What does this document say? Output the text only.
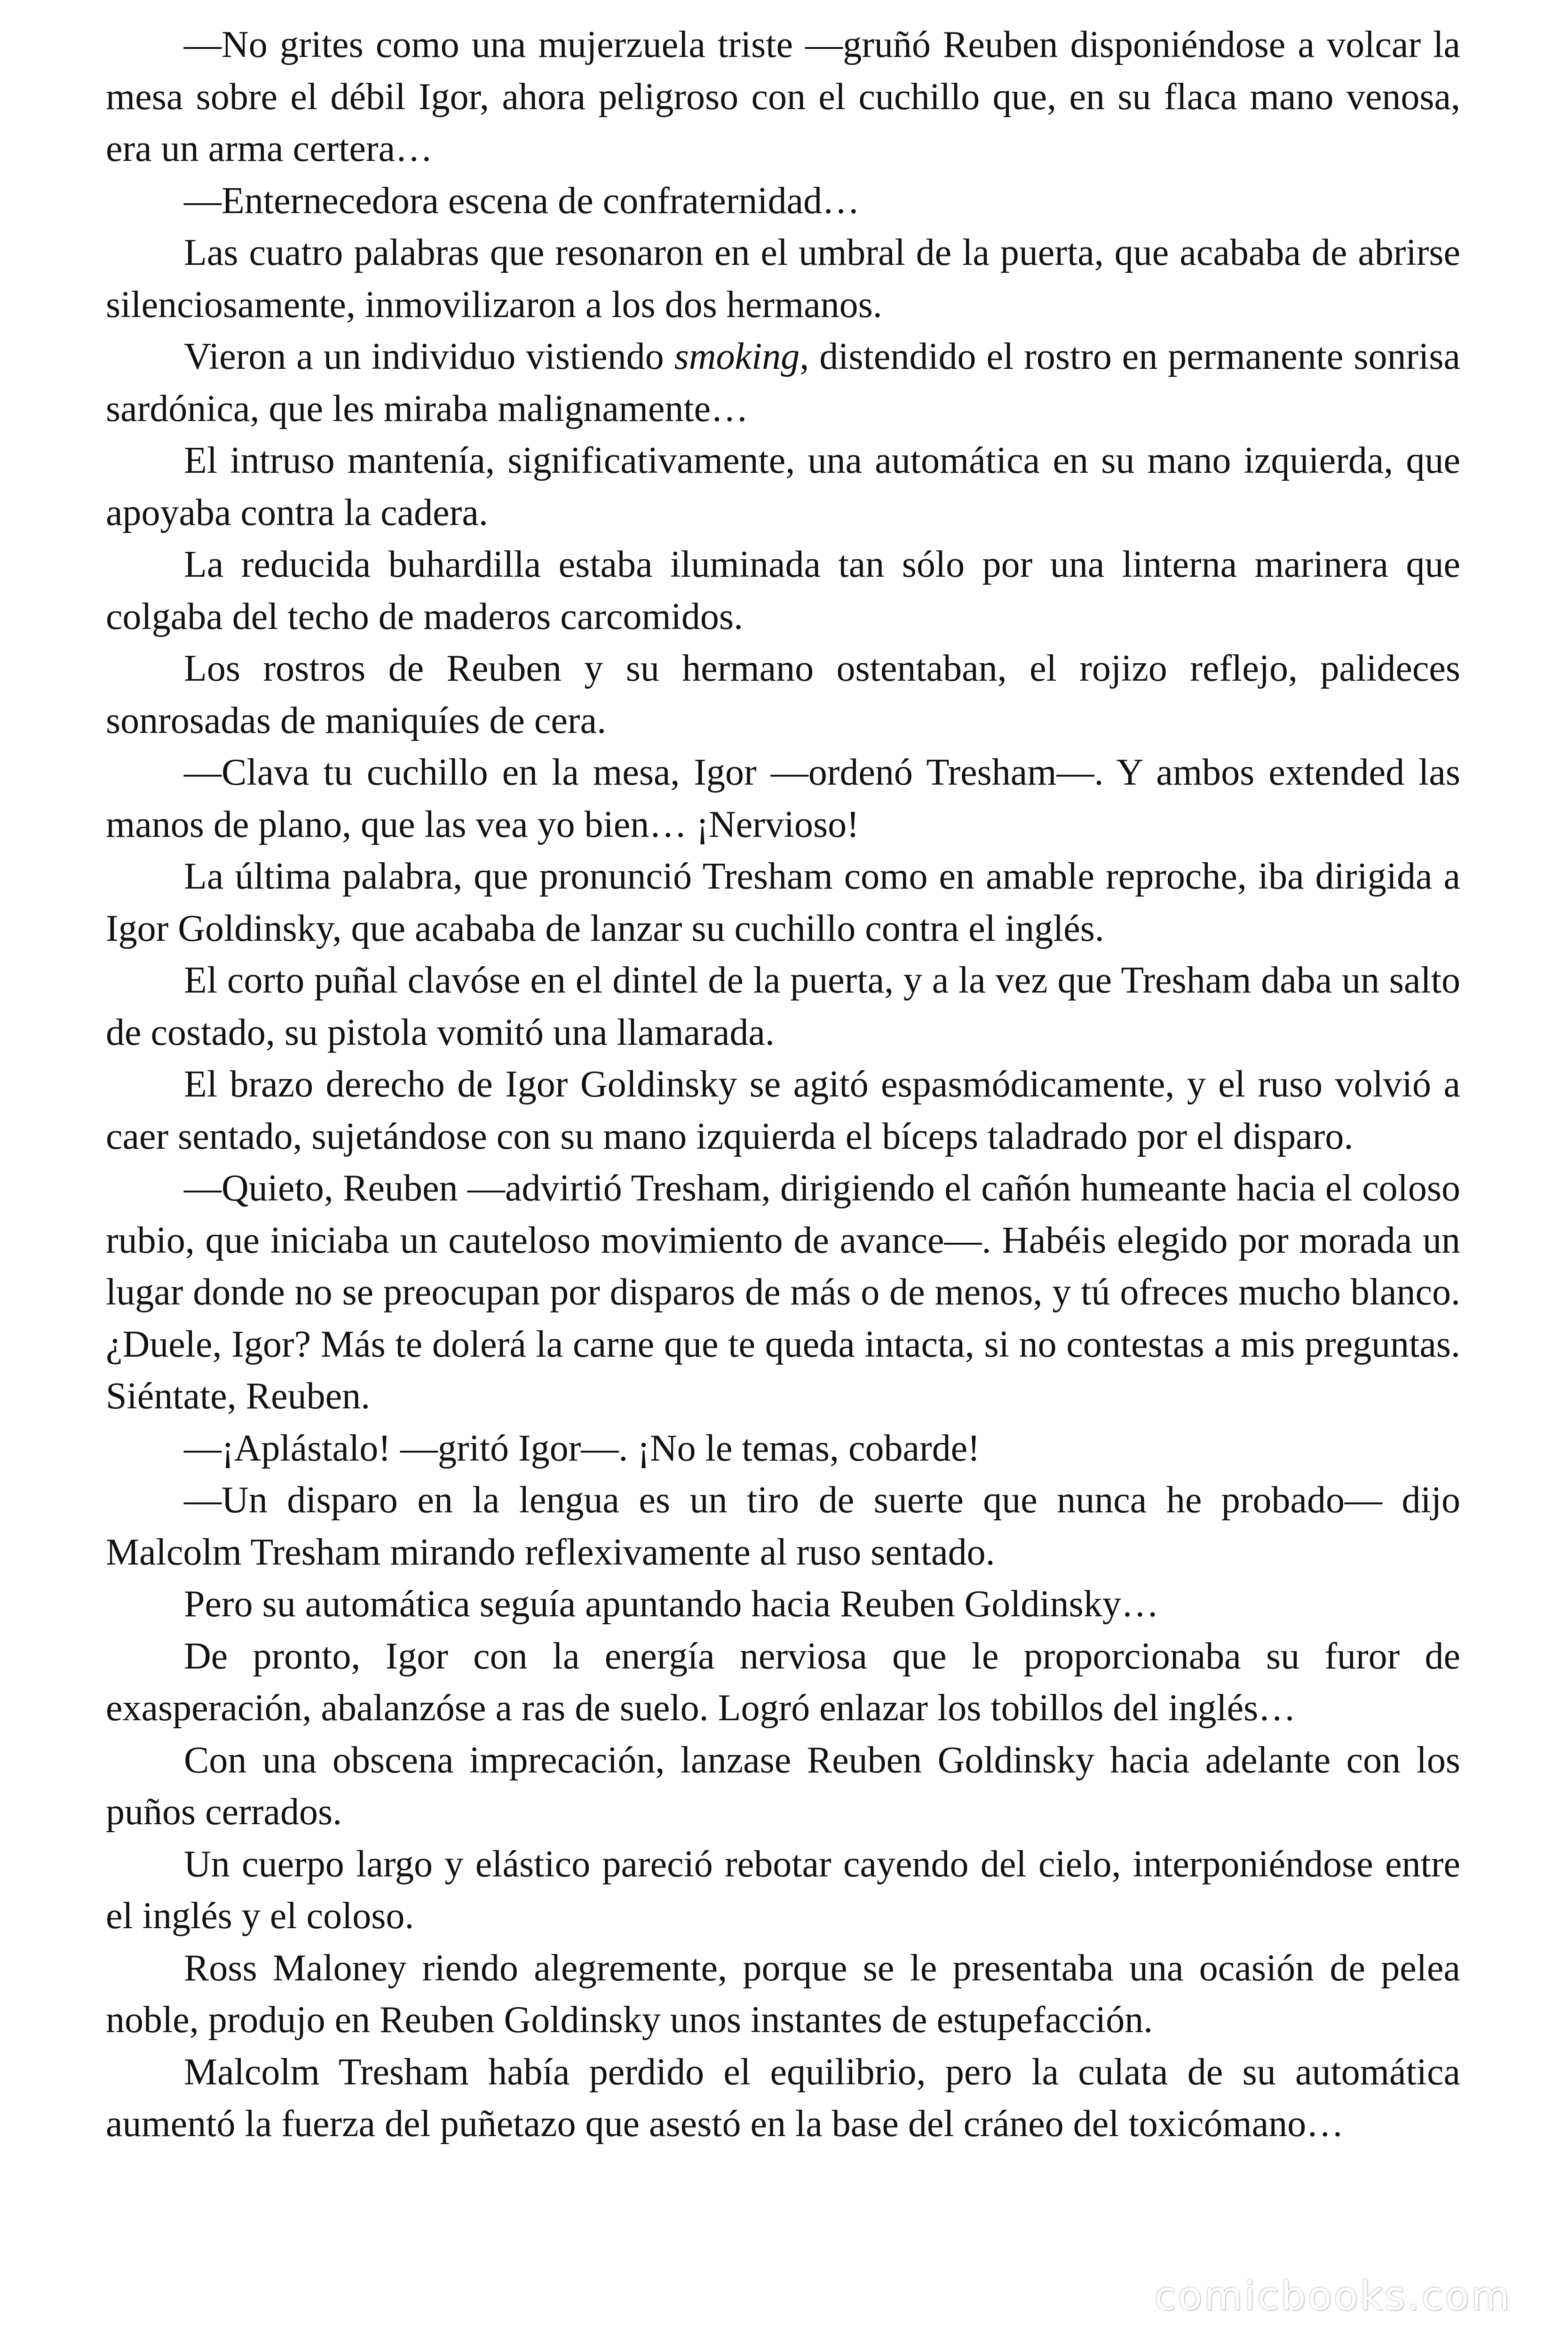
—No grites como una mujerzuela triste —gruñó Reuben disponiéndose a volcar la mesa sobre el débil Igor, ahora peligroso con el cuchillo que, en su flaca mano venosa, era un arma certera…

—Enternecedora escena de confraternidad…

Las cuatro palabras que resonaron en el umbral de la puerta, que acababa de abrirse silenciosamente, inmovilizaron a los dos hermanos.

Vieron a un individuo vistiendo smoking, distendido el rostro en permanente sonrisa sardónica, que les miraba malignamente…

El intruso mantenía, significativamente, una automática en su mano izquierda, que apoyaba contra la cadera.

La reducida buhardilla estaba iluminada tan sólo por una linterna marinera que colgaba del techo de maderos carcomidos.

Los rostros de Reuben y su hermano ostentaban, el rojizo reflejo, palideces sonrosadas de maniquíes de cera.

—Clava tu cuchillo en la mesa, Igor —ordenó Tresham—. Y ambos extended las manos de plano, que las vea yo bien… ¡Nervioso!

La última palabra, que pronunció Tresham como en amable reproche, iba dirigida a Igor Goldinsky, que acababa de lanzar su cuchillo contra el inglés.

El corto puñal clavóse en el dintel de la puerta, y a la vez que Tresham daba un salto de costado, su pistola vomitó una llamarada.

El brazo derecho de Igor Goldinsky se agitó espasmódicamente, y el ruso volvió a caer sentado, sujetándose con su mano izquierda el bíceps taladrado por el disparo.

—Quieto, Reuben —advirtió Tresham, dirigiendo el cañón humeante hacia el coloso rubio, que iniciaba un cauteloso movimiento de avance—. Habéis elegido por morada un lugar donde no se preocupan por disparos de más o de menos, y tú ofreces mucho blanco. ¿Duele, Igor? Más te dolerá la carne que te queda intacta, si no contestas a mis preguntas. Siéntate, Reuben.

—¡Aplástalo! —gritó Igor—. ¡No le temas, cobarde!

—Un disparo en la lengua es un tiro de suerte que nunca he probado— dijo Malcolm Tresham mirando reflexivamente al ruso sentado.

Pero su automática seguía apuntando hacia Reuben Goldinsky…

De pronto, Igor con la energía nerviosa que le proporcionaba su furor de exasperación, abalanzóse a ras de suelo. Logró enlazar los tobillos del inglés…

Con una obscena imprecación, lanzase Reuben Goldinsky hacia adelante con los puños cerrados.

Un cuerpo largo y elástico pareció rebotar cayendo del cielo, interponiéndose entre el inglés y el coloso.

Ross Maloney riendo alegremente, porque se le presentaba una ocasión de pelea noble, produjo en Reuben Goldinsky unos instantes de estupefacción.

Malcolm Tresham había perdido el equilibrio, pero la culata de su automática aumentó la fuerza del puñetazo que asestó en la base del cráneo del toxicómano…

comicbooks.com
